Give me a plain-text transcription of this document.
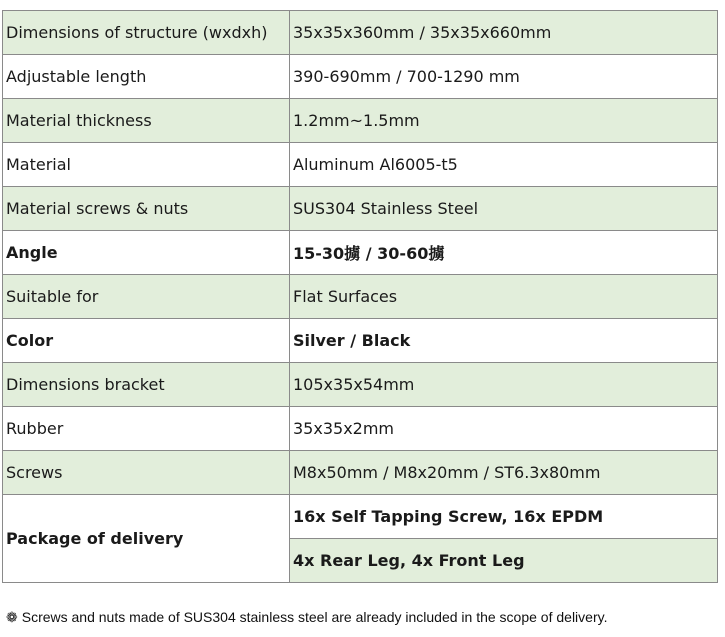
Dimensions of structure (wxdxh)	35x35x360mm / 35x35x660mm
Adjustable length	390-690mm / 700-1290 mm
Material thickness	1.2mm~1.5mm
Material	Aluminum Al6005-t5
Material screws & nuts	SUS304 Stainless Steel
Angle	15-30擄 / 30-60擄
Suitable for	Flat Surfaces
Color	Silver / Black
Dimensions bracket	105x35x54mm
Rubber	35x35x2mm
Screws	M8x50mm / M8x20mm / ST6.3x80mm
Package of delivery	16x Self Tapping Screw, 16x EPDM
	4x Rear Leg, 4x Front Leg
❁ Screws and nuts made of SUS304 stainless steel are already included in the scope of delivery.
